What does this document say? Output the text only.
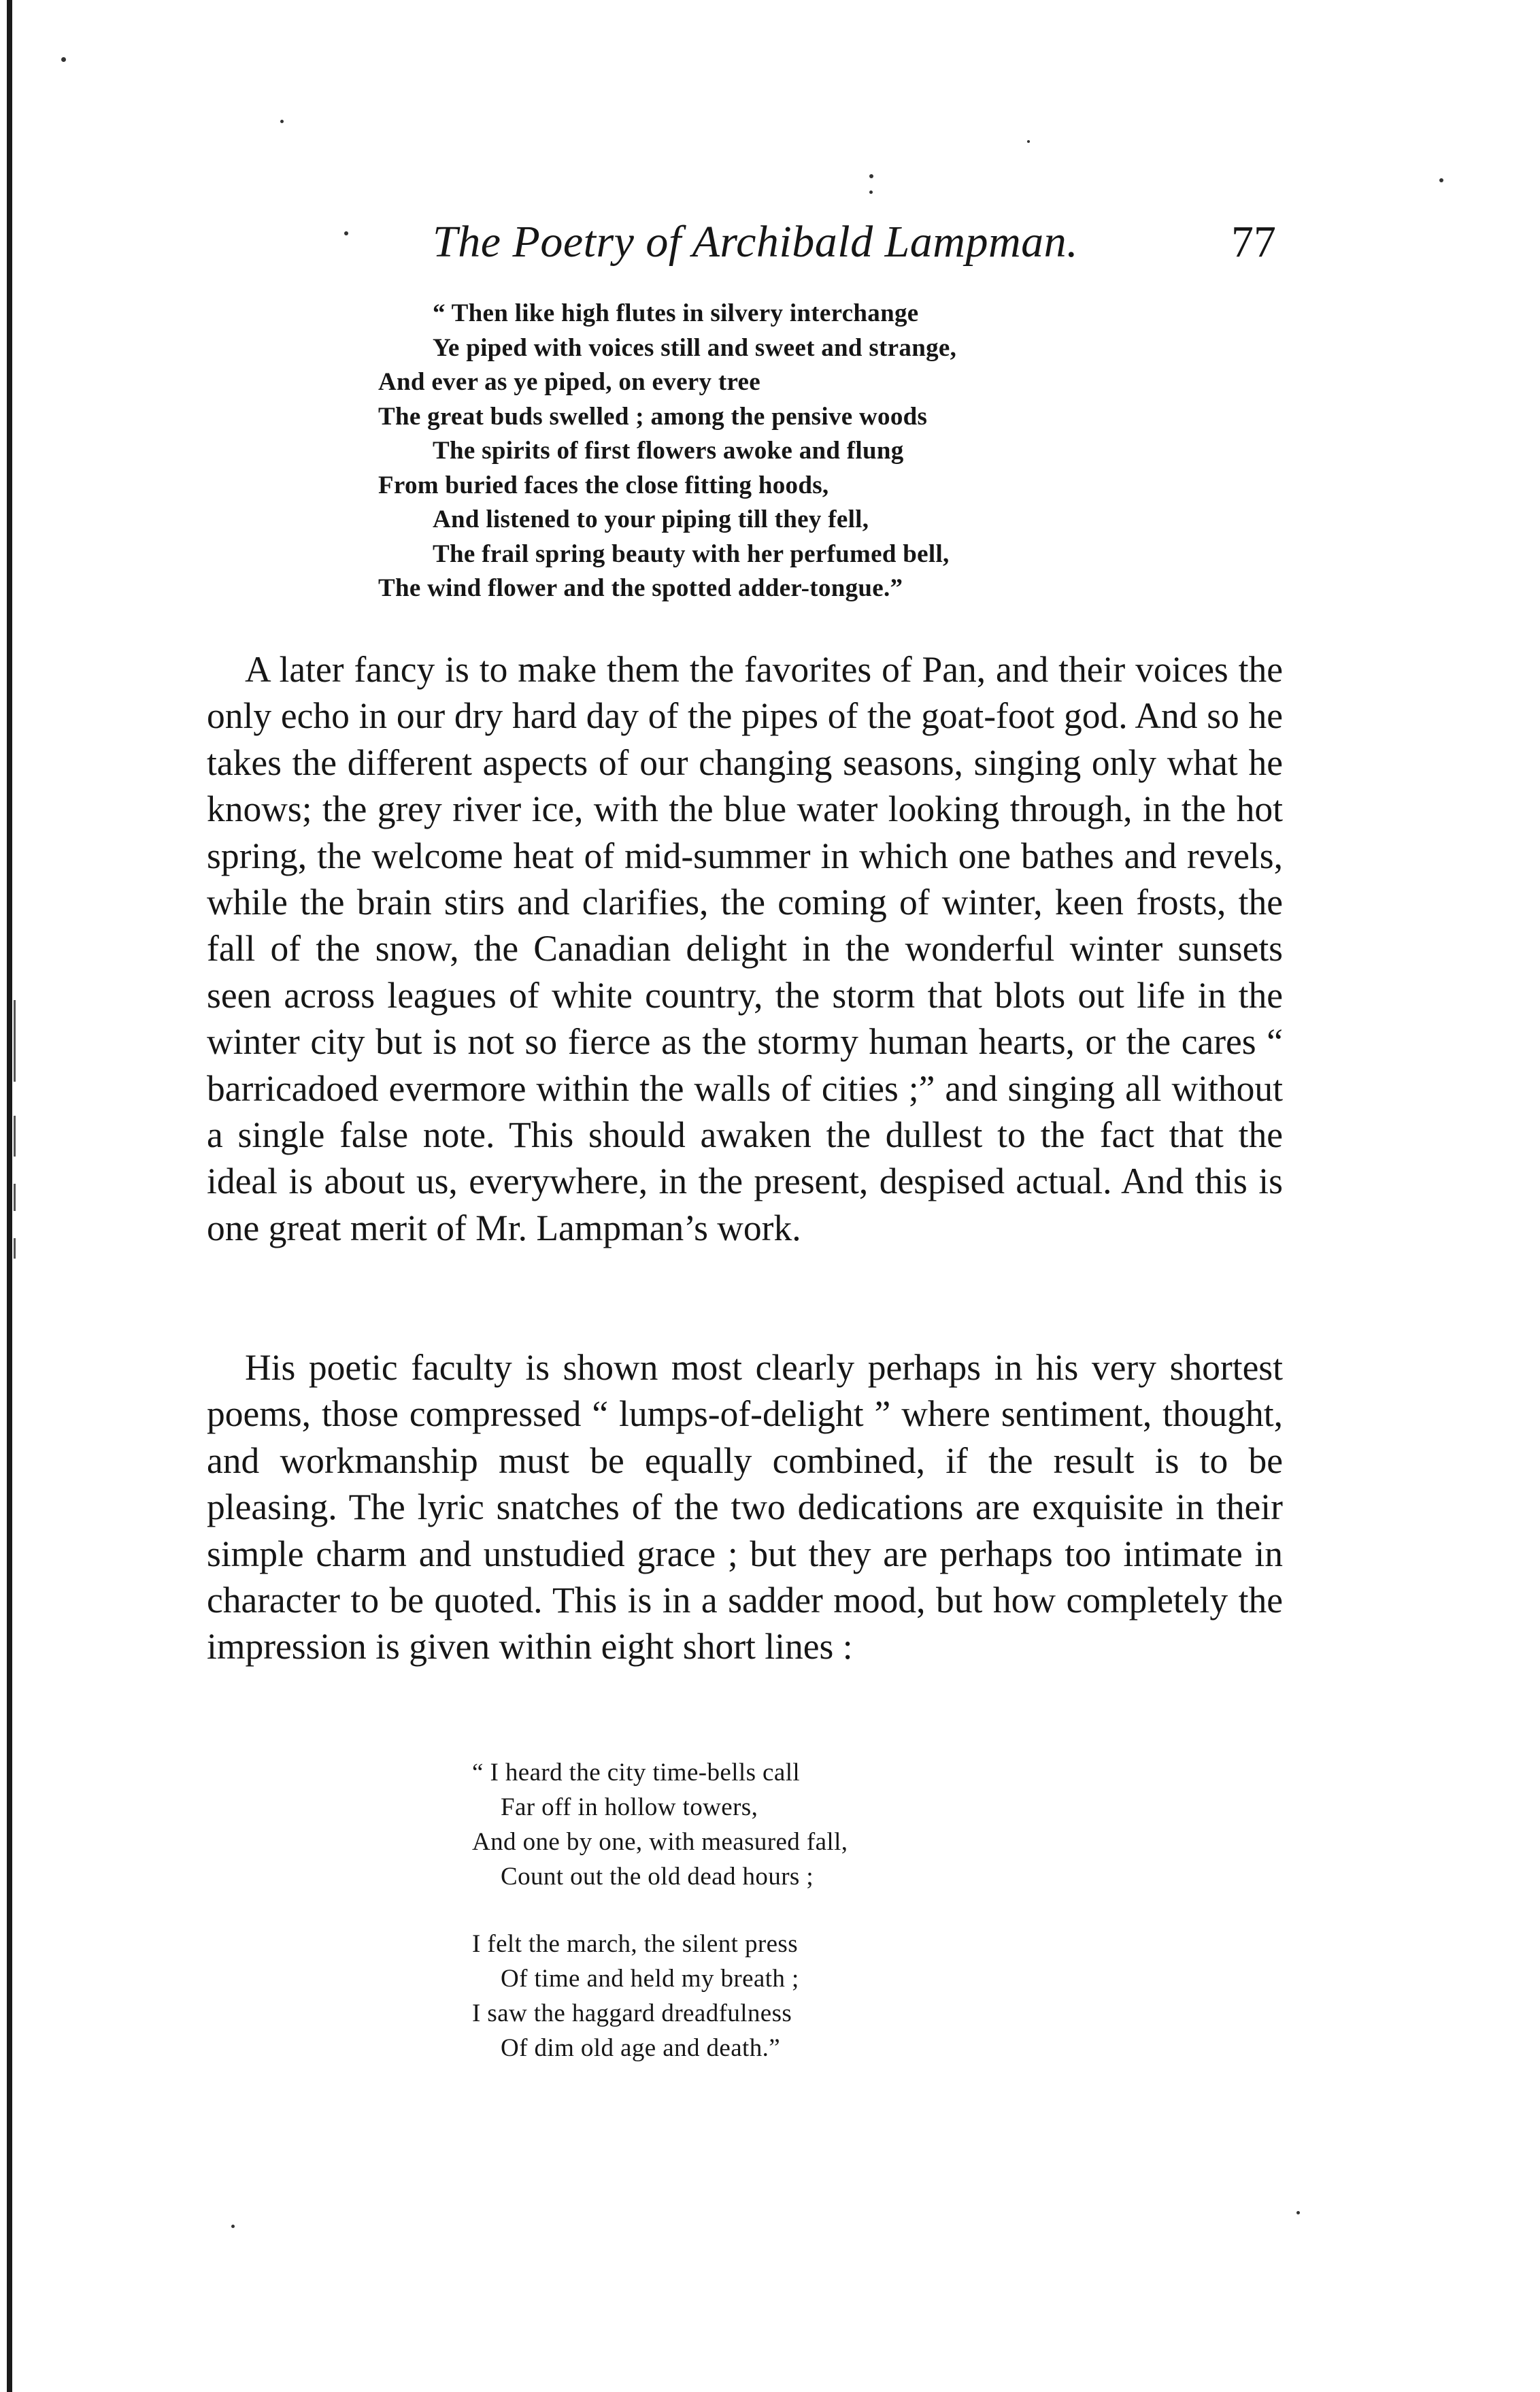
The Poetry of Archibald Lampman.	77
“ Then like high flutes in silvery interchange
Ye piped with voices still and sweet and strange,
And ever as ye piped, on every tree
The great buds swelled ; among the pensive woods
The spirits of first flowers awoke and flung
From buried faces the close fitting hoods,
And listened to your piping till they fell,
The frail spring beauty with her perfumed bell,
The wind flower and the spotted adder-tongue.”

A later fancy is to make them the favorites of Pan, and their voices the only echo in our dry hard day of the pipes of the goat-foot god. And so he takes the different aspects of our changing seasons, singing only what he knows; the grey river ice, with the blue water looking through, in the hot spring, the welcome heat of mid-summer in which one bathes and revels, while the brain stirs and clarifies, the coming of winter, keen frosts, the fall of the snow, the Canadian delight in the wonderful winter sunsets seen across leagues of white country, the storm that blots out life in the winter city but is not so fierce as the stormy human hearts, or the cares “ barricadoed evermore within the walls of cities ;” and singing all without a single false note. This should awaken the dullest to the fact that the ideal is about us, everywhere, in the present, despised actual. And this is one great merit of Mr. Lampman’s work.

His poetic faculty is shown most clearly perhaps in his very shortest poems, those compressed “ lumps-of-delight ” where sentiment, thought, and workmanship must be equally combined, if the result is to be pleasing. The lyric snatches of the two dedications are exquisite in their simple charm and unstudied grace ; but they are perhaps too intimate in character to be quoted. This is in a sadder mood, but how completely the impression is given within eight short lines :

“ I heard the city time-bells call
Far off in hollow towers,
And one by one, with measured fall,
Count out the old dead hours ;
I felt the march, the silent press
Of time and held my breath ;
I saw the haggard dreadfulness
Of dim old age and death.”
